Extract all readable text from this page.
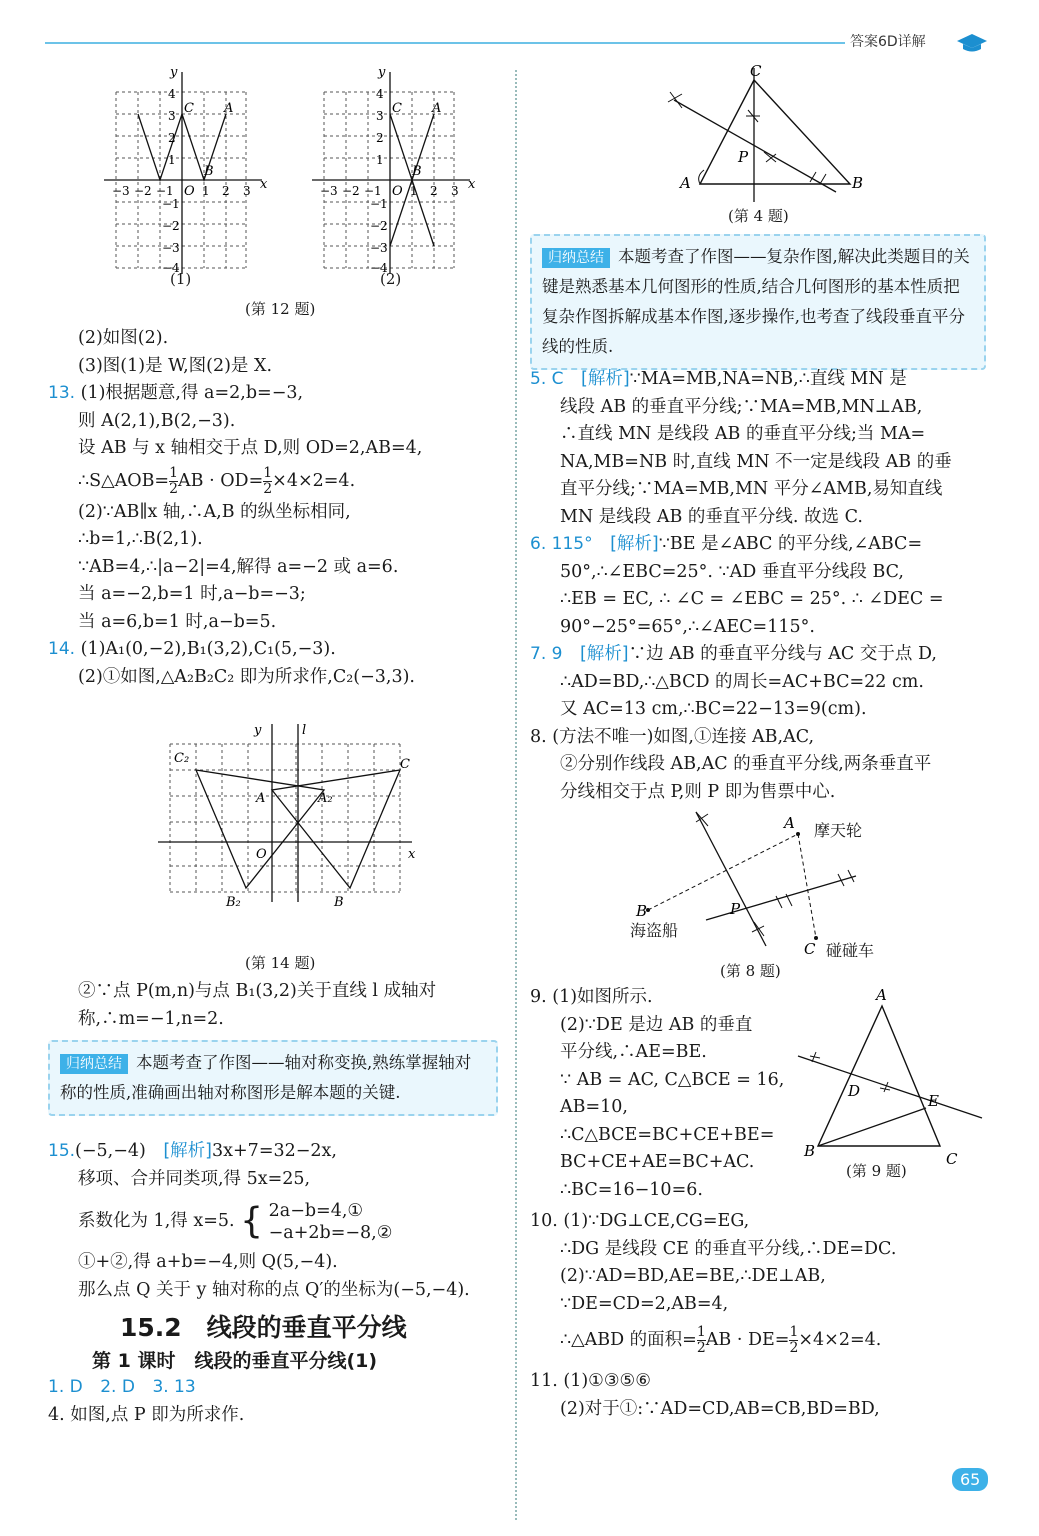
答案6D详解
x
y
C A
B
O
−3 −2 −1 1 2 3
4
3
2
1
−1
−2
−3
−4
x
y
C A
B
O
−3 −2 −1 1 2 3
4
3
2
1
−1
−2
−3
−4
(1)	(2)
(第 12 题)
(2)如图(2).
(3)图(1)是 W,图(2)是 X.
13. (1)根据题意,得 a=2,b=−3,
则 A(2,1),B(2,−3).
设 AB 与 x 轴相交于点 D,则 OD=2,AB=4,
∴S△AOB= $\frac{1}{2}$ AB · $OD= \frac{1}{2} \times 4\times 2=4$.
(2)∵AB∥x 轴,∴A,B 的纵坐标相同,
∴b=1,∴B(2,1).
∵AB=4,∴|a−2|=4,解得 a=−2 或 a=6.
当 a=−2,b=1 时,a−b=−3;
当 a=6,b=1 时,a−b=5.
14. (1)A₁(0,−2),B₁(3,2),C₁(5,−3).
(2)①如图,△A₂B₂C₂ 即为所求作,C₂(−3,3).
x
y	l
C₂	C
A	A₂
O
B₂	B
(第 14 题)
②∵点 P(m,n)与点 B₁(3,2)关于直线 l 成轴对
称,∴m=−1,n=2.
归纳总结 本题考查了作图——轴对称变换,熟练掌握轴对称的性质,准确画出轴对称图形是解本题的关键.
15.(−5,−4)　 [解析]3x+7=32−2x,
移项、合并同类项,得 5x=25,
系数化为 1,得 x=5. { 2a−b=4,①
−a+2b=−8,②
①+②,得 a+b=−4,则 Q(5,−4).
那么点 Q 关于 y 轴对称的点 Q′的坐标为(−5,−4).
15.2　线段的垂直平分线
第 1 课时　线段的垂直平分线(1)
1. D　 2. D　 3. 13
4. 如图,点 P 即为所求作.
C
A	B
P
(第 4 题)
归纳总结 本题考查了作图——复杂作图,解决此类题目的关键是熟悉基本几何图形的性质,结合几何图形的基本性质把复杂作图拆解成基本作图,逐步操作,也考查了线段垂直平分线的性质.
5. C　 [解析]∵MA=MB,NA=NB,∴直线 MN 是
线段 AB 的垂直平分线;∵MA=MB,MN⊥AB,
∴直线 MN 是线段 AB 的垂直平分线;当 MA=
NA,MB=NB 时,直线 MN 不一定是线段 AB 的垂
直平分线;∵MA=MB,MN 平分∠AMB,易知直线
MN 是线段 AB 的垂直平分线. 故选 C.
6. 115°　 [解析]∵BE 是∠ABC 的平分线,∠ABC=
50°,∴∠EBC=25°. ∵AD 垂直平分线段 BC,
∴EB = EC, ∴ ∠C = ∠EBC = 25°. ∴ ∠DEC =
90°−25°=65°,∴∠AEC=115°.
7. 9　 [解析]∵边 AB 的垂直平分线与 AC 交于点 D,
∴AD=BD,∴△BCD 的周长=AC+BC=22 cm.
又 AC=13 cm,∴BC=22−13=9(cm).
8. (方法不唯一)如图,①连接 AB,AC,
②分别作线段 AB,AC 的垂直平分线,两条垂直平
分线相交于点 P,则 P 即为售票中心.
A
B
C
P
摩天轮
海盗船
碰碰车
(第 8 题)
9. (1)如图所示.
(2)∵DE 是边 AB 的垂直
平分线,∴AE=BE.
∵ AB = AC, C△BCE = 16,
AB=10,
∴C△BCE=BC+CE+BE=
BC+CE+AE=BC+AC.
∴BC=16−10=6.
A
B	C
D
E
(第 9 题)
10. (1)∵DG⊥CE,CG=EG,
∴DG 是线段 CE 的垂直平分线,∴DE=DC.
(2)∵AD=BD,AE=BE,∴DE⊥AB,
∵DE=CD=2,AB=4,
∴△ABD 的面积= $\frac{1}{2}$ AB · $DE= \frac{1}{2} \times 4\times 2=4$.
11. (1)①③⑤⑥
(2)对于①:∵AD=CD,AB=CB,BD=BD,
65
